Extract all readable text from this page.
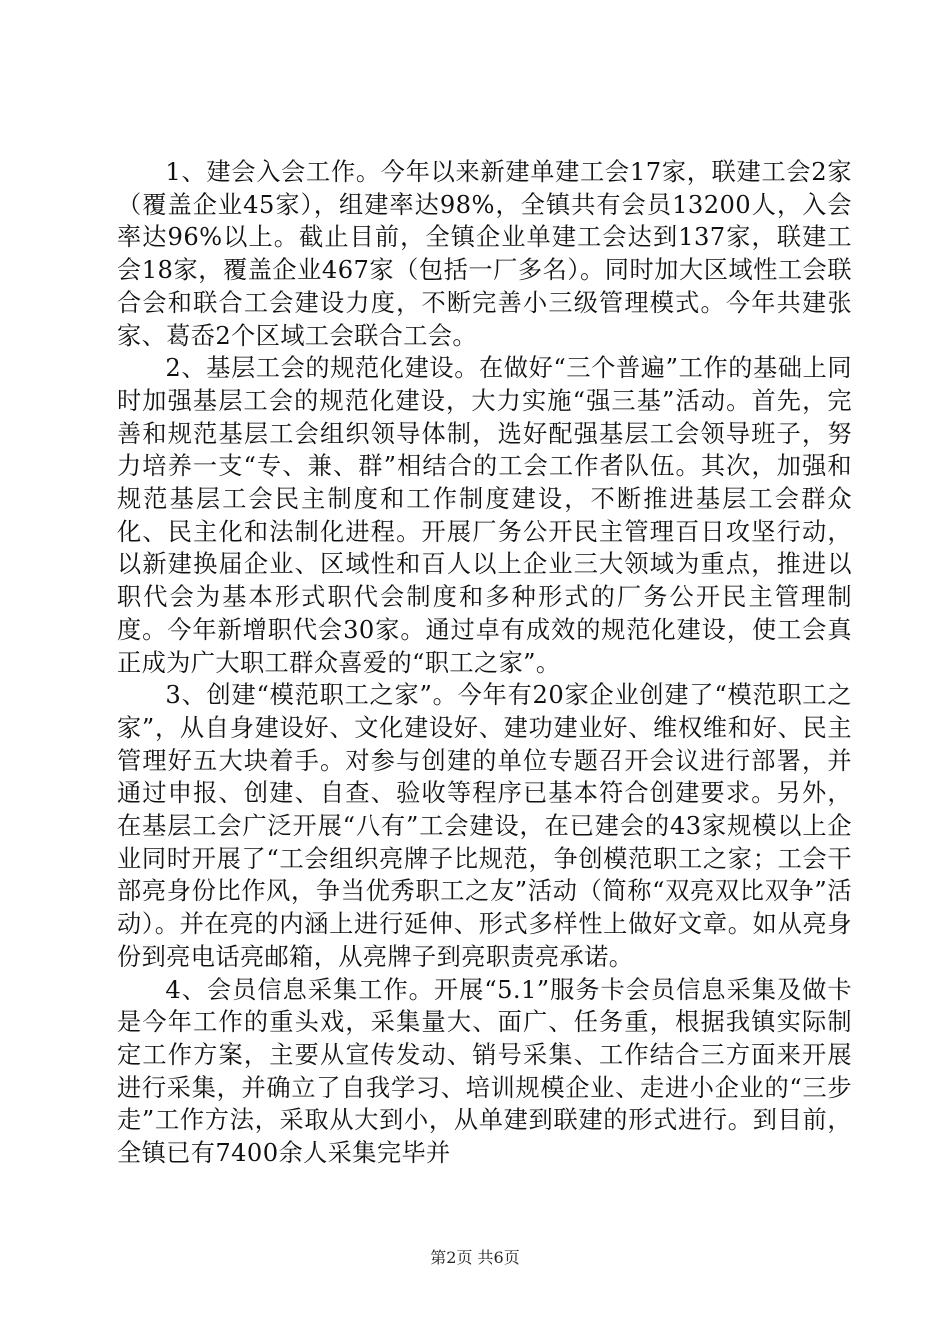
1、建会入会工作。今年以来新建单建工会17家，联建工会2家（覆盖企业45家），组建率达98%，全镇共有会员13200人，入会率达96%以上。截止目前，全镇企业单建工会达到137家，联建工会18家，覆盖企业467家（包括一厂多名）。同时加大区域性工会联合会和联合工会建设力度，不断完善小三级管理模式。今年共建张家、葛岙2个区域工会联合工会。

2、基层工会的规范化建设。在做好“三个普遍”工作的基础上同时加强基层工会的规范化建设，大力实施“强三基”活动。首先，完善和规范基层工会组织领导体制，选好配强基层工会领导班子，努力培养一支“专、兼、群”相结合的工会工作者队伍。其次，加强和规范基层工会民主制度和工作制度建设，不断推进基层工会群众化、民主化和法制化进程。开展厂务公开民主管理百日攻坚行动，以新建换届企业、区域性和百人以上企业三大领域为重点，推进以职代会为基本形式职代会制度和多种形式的厂务公开民主管理制度。今年新增职代会30家。通过卓有成效的规范化建设，使工会真正成为广大职工群众喜爱的“职工之家”。

3、创建“模范职工之家”。今年有20家企业创建了“模范职工之家”，从自身建设好、文化建设好、建功建业好、维权维和好、民主管理好五大块着手。对参与创建的单位专题召开会议进行部署，并通过申报、创建、自查、验收等程序已基本符合创建要求。另外，在基层工会广泛开展“八有”工会建设，在已建会的43家规模以上企业同时开展了“工会组织亮牌子比规范，争创模范职工之家；工会干部亮身份比作风，争当优秀职工之友”活动（简称“双亮双比双争”活动）。并在亮的内涵上进行延伸、形式多样性上做好文章。如从亮身份到亮电话亮邮箱，从亮牌子到亮职责亮承诺。

4、会员信息采集工作。开展“5.1”服务卡会员信息采集及做卡是今年工作的重头戏，采集量大、面广、任务重，根据我镇实际制定工作方案，主要从宣传发动、销号采集、工作结合三方面来开展进行采集，并确立了自我学习、培训规模企业、走进小企业的“三步走”工作方法，采取从大到小，从单建到联建的形式进行。到目前，全镇已有7400余人采集完毕并

第2页 共6页
